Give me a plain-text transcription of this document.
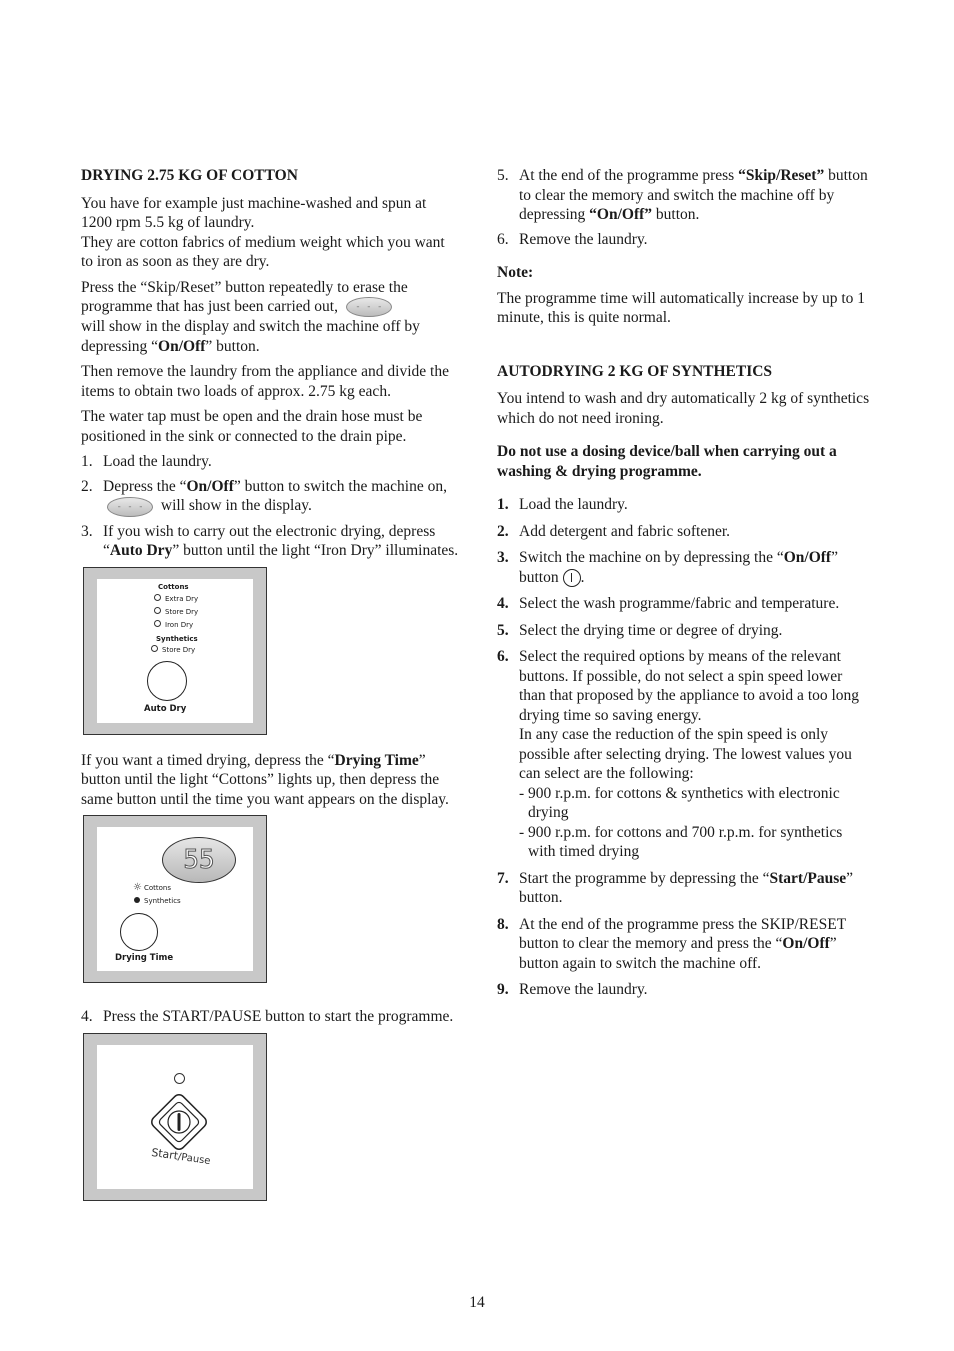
DRYING 2.75 KG OF COTTON

You have for example just machine-washed and spun at 1200 rpm 5.5 kg of laundry.
They are cotton fabrics of medium weight which you want to iron as soon as they are dry.

Press the “Skip/Reset” button repeatedly to erase the programme that has just been carried out, - - -
will show in the display and switch the machine off by depressing “On/Off” button.

Then remove the laundry from the appliance and divide the items to obtain two loads of approx. 2.75 kg each.

The water tap must be open and the drain hose must be positioned in the sink or connected to the drain pipe.

1. Load the laundry.
2. Depress the “On/Off” button to switch the machine on, - - - will show in the display.
3. If you wish to carry out the electronic drying, depress “Auto Dry” button until the light “Iron Dry” illuminates.
Cottons
Extra Dry
Store Dry
Iron Dry
Synthetics
Store Dry
Auto Dry

If you want a timed drying, depress the “Drying Time” button until the light “Cottons” lights up, then depress the same button until the time you want appears on the display.

55
☼ Cottons
Synthetics
Drying Time
4. Press the START/PAUSE button to start the programme.
Start/Pause
5. At the end of the programme press “Skip/Reset” button to clear the memory and switch the machine off by depressing “On/Off” button.
6. Remove the laundry.

Note:

The programme time will automatically increase by up to 1 minute, this is quite normal.

AUTODRYING 2 KG OF SYNTHETICS

You intend to wash and dry automatically 2 kg of synthetics which do not need ironing.

Do not use a dosing device/ball when carrying out a washing & drying programme.

1. Load the laundry.
2. Add detergent and fabric softener.
3. Switch the machine on by depressing the “On/Off” button .
4. Select the wash programme/fabric and temperature.
5. Select the drying time or degree of drying.
6. Select the required options by means of the relevant buttons. If possible, do not select a spin speed lower than that proposed by the appliance to avoid a too long drying time so saving energy.
In any case the reduction of the spin speed is only possible after selecting drying. The lowest values you can select are the following:
- 900 r.p.m. for cottons & synthetics with electronic drying
- 900 r.p.m. for cottons and 700 r.p.m. for synthetics with timed drying
7. Start the programme by depressing the “Start/Pause” button.
8. At the end of the programme press the SKIP/RESET button to clear the memory and press the “On/Off” button again to switch the machine off.
9. Remove the laundry.
14
